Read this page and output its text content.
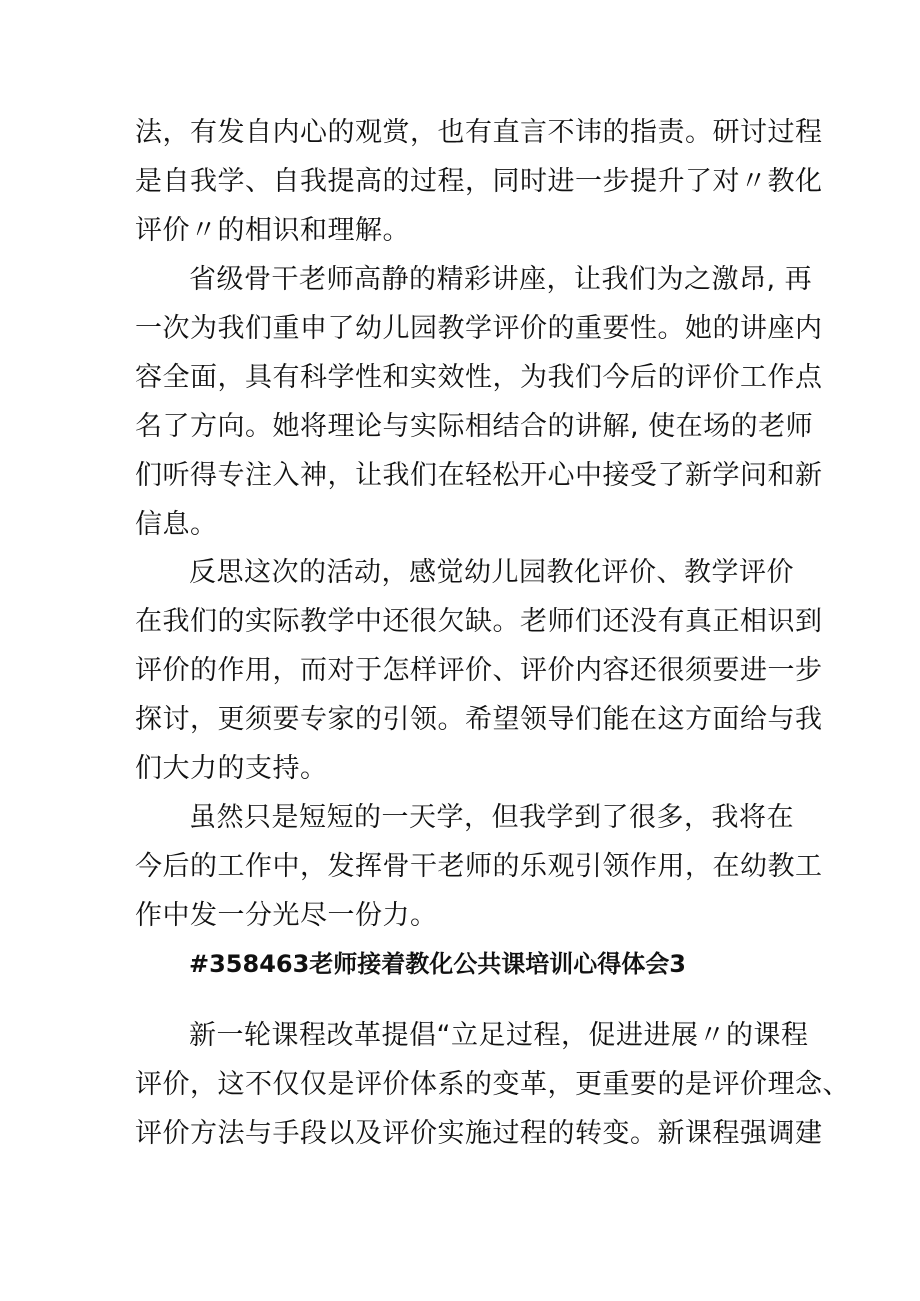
法，有发自内心的观赏，也有直言不讳的指责。研讨过程
是自我学、自我提高的过程，同时进一步提升了对〃教化
评价〃的相识和理解。
省级骨干老师高静的精彩讲座，让我们为之激昂, 再
一次为我们重申了幼儿园教学评价的重要性。她的讲座内
容全面，具有科学性和实效性，为我们今后的评价工作点
名了方向。她将理论与实际相结合的讲解, 使在场的老师
们听得专注入神，让我们在轻松开心中接受了新学问和新
信息。
反思这次的活动，感觉幼儿园教化评价、教学评价
在我们的实际教学中还很欠缺。老师们还没有真正相识到
评价的作用，而对于怎样评价、评价内容还很须要进一步
探讨，更须要专家的引领。希望领导们能在这方面给与我
们大力的支持。
虽然只是短短的一天学，但我学到了很多，我将在
今后的工作中，发挥骨干老师的乐观引领作用，在幼教工
作中发一分光尽一份力。
#358463老师接着教化公共课培训心得体会3
新一轮课程改革提倡“立足过程，促进进展〃的课程
评价，这不仅仅是评价体系的变革，更重要的是评价理念、
评价方法与手段以及评价实施过程的转变。新课程强调建
